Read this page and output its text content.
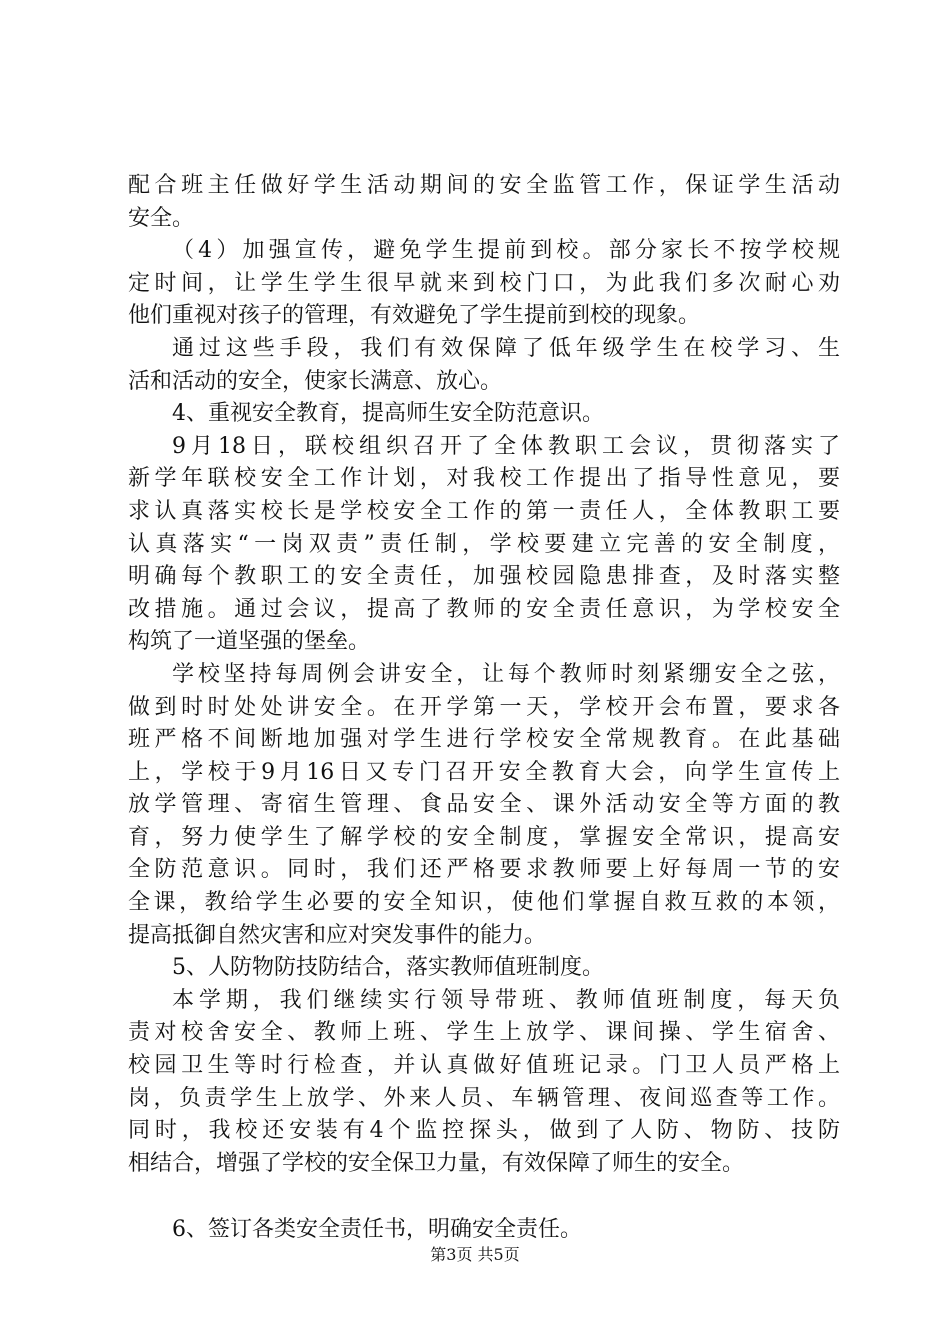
配合班主任做好学生活动期间的安全监管工作，保证学生活动
安全。
（4）加强宣传，避免学生提前到校。部分家长不按学校规
定时间，让学生学生很早就来到校门口，为此我们多次耐心劝
他们重视对孩子的管理，有效避免了学生提前到校的现象。
通过这些手段，我们有效保障了低年级学生在校学习、生
活和活动的安全，使家长满意、放心。
4、重视安全教育，提高师生安全防范意识。
9月18日，联校组织召开了全体教职工会议，贯彻落实了
新学年联校安全工作计划，对我校工作提出了指导性意见，要
求认真落实校长是学校安全工作的第一责任人，全体教职工要
认真落实“一岗双责”责任制，学校要建立完善的安全制度，
明确每个教职工的安全责任，加强校园隐患排查，及时落实整
改措施。通过会议，提高了教师的安全责任意识，为学校安全
构筑了一道坚强的堡垒。
学校坚持每周例会讲安全，让每个教师时刻紧绷安全之弦，
做到时时处处讲安全。在开学第一天，学校开会布置，要求各
班严格不间断地加强对学生进行学校安全常规教育。在此基础
上，学校于9月16日又专门召开安全教育大会，向学生宣传上
放学管理、寄宿生管理、食品安全、课外活动安全等方面的教
育，努力使学生了解学校的安全制度，掌握安全常识，提高安
全防范意识。同时，我们还严格要求教师要上好每周一节的安
全课，教给学生必要的安全知识，使他们掌握自救互救的本领，
提高抵御自然灾害和应对突发事件的能力。
5、人防物防技防结合，落实教师值班制度。
本学期，我们继续实行领导带班、教师值班制度，每天负
责对校舍安全、教师上班、学生上放学、课间操、学生宿舍、
校园卫生等时行检查，并认真做好值班记录。门卫人员严格上
岗，负责学生上放学、外来人员、车辆管理、夜间巡查等工作。
同时，我校还安装有4个监控探头，做到了人防、物防、技防
相结合，增强了学校的安全保卫力量，有效保障了师生的安全。
6、签订各类安全责任书，明确安全责任。
第3页 共5页
